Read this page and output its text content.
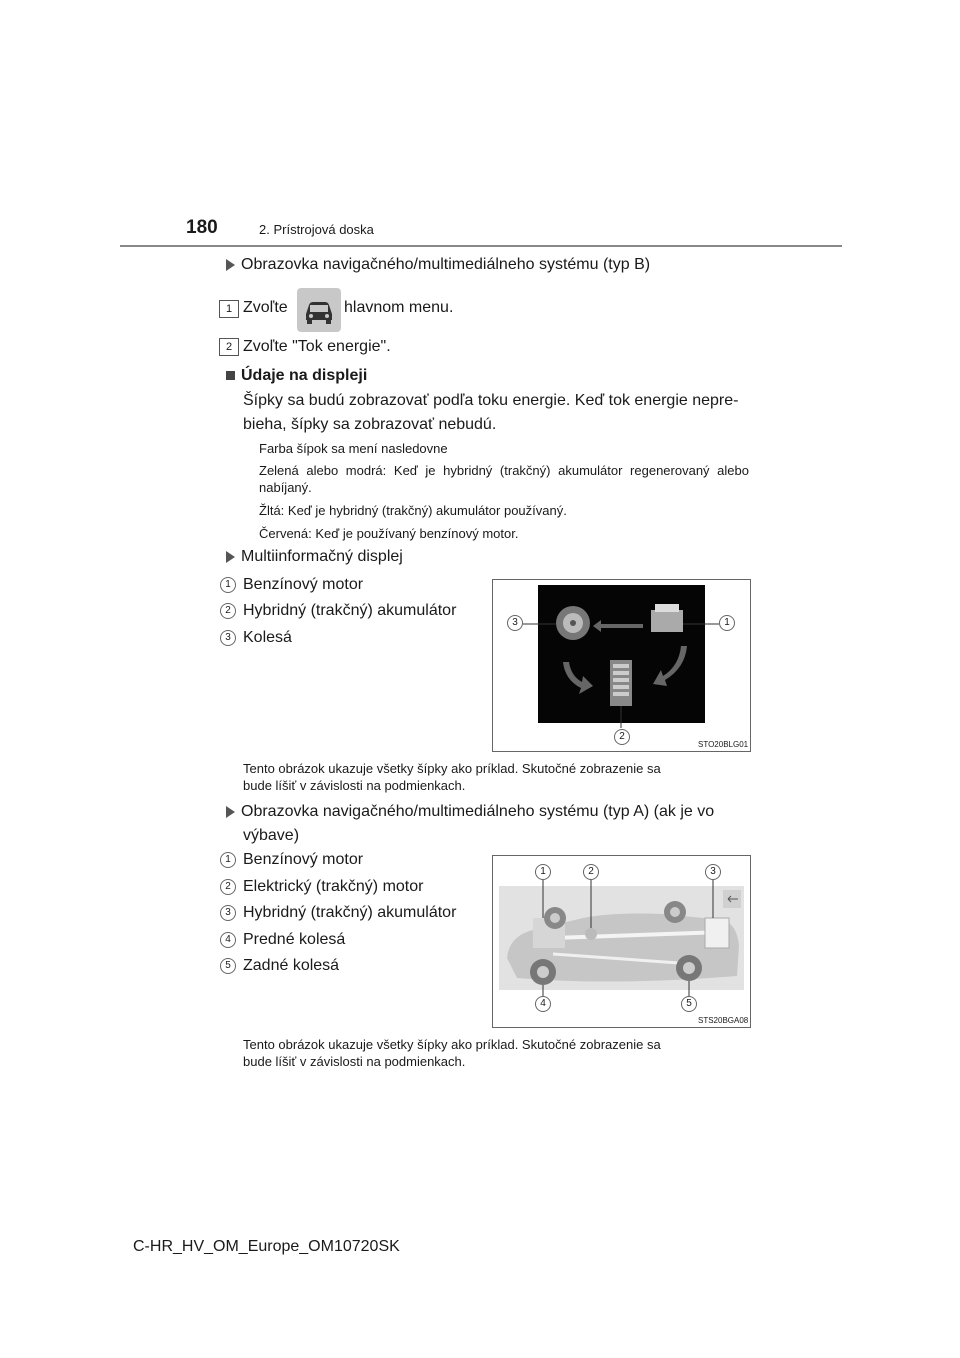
180	2. Prístrojová doska
Obrazovka navigačného/multimediálneho systému (typ B)
1 Zvoľte	hlavnom menu.
2 Zvoľte "Tok energie".
Údaje na displeji
Šípky sa budú zobrazovať podľa toku energie. Keď tok energie nepre-
bieha, šípky sa zobrazovať nebudú.
Farba šípok sa mení nasledovne
Zelená alebo modrá: Keď je hybridný (trakčný) akumulátor regenerovaný alebo nabíjaný.
Žltá: Keď je hybridný (trakčný) akumulátor používaný.
Červená: Keď je používaný benzínový motor.
Multiinformačný displej
1 Benzínový motor
2 Hybridný (trakčný) akumulátor
3 Kolesá
3	1
2
STO20BLG01
Tento obrázok ukazuje všetky šípky ako príklad. Skutočné zobrazenie sa
bude líšiť v závislosti na podmienkach.
Obrazovka navigačného/multimediálneho systému (typ A) (ak je vo
výbave)
1 Benzínový motor
2 Elektrický (trakčný) motor
3 Hybridný (trakčný) akumulátor
4 Predné kolesá
5 Zadné kolesá
1	2	3
4	5
STS20BGA08
Tento obrázok ukazuje všetky šípky ako príklad. Skutočné zobrazenie sa
bude líšiť v závislosti na podmienkach.
C-HR_HV_OM_Europe_OM10720SK
